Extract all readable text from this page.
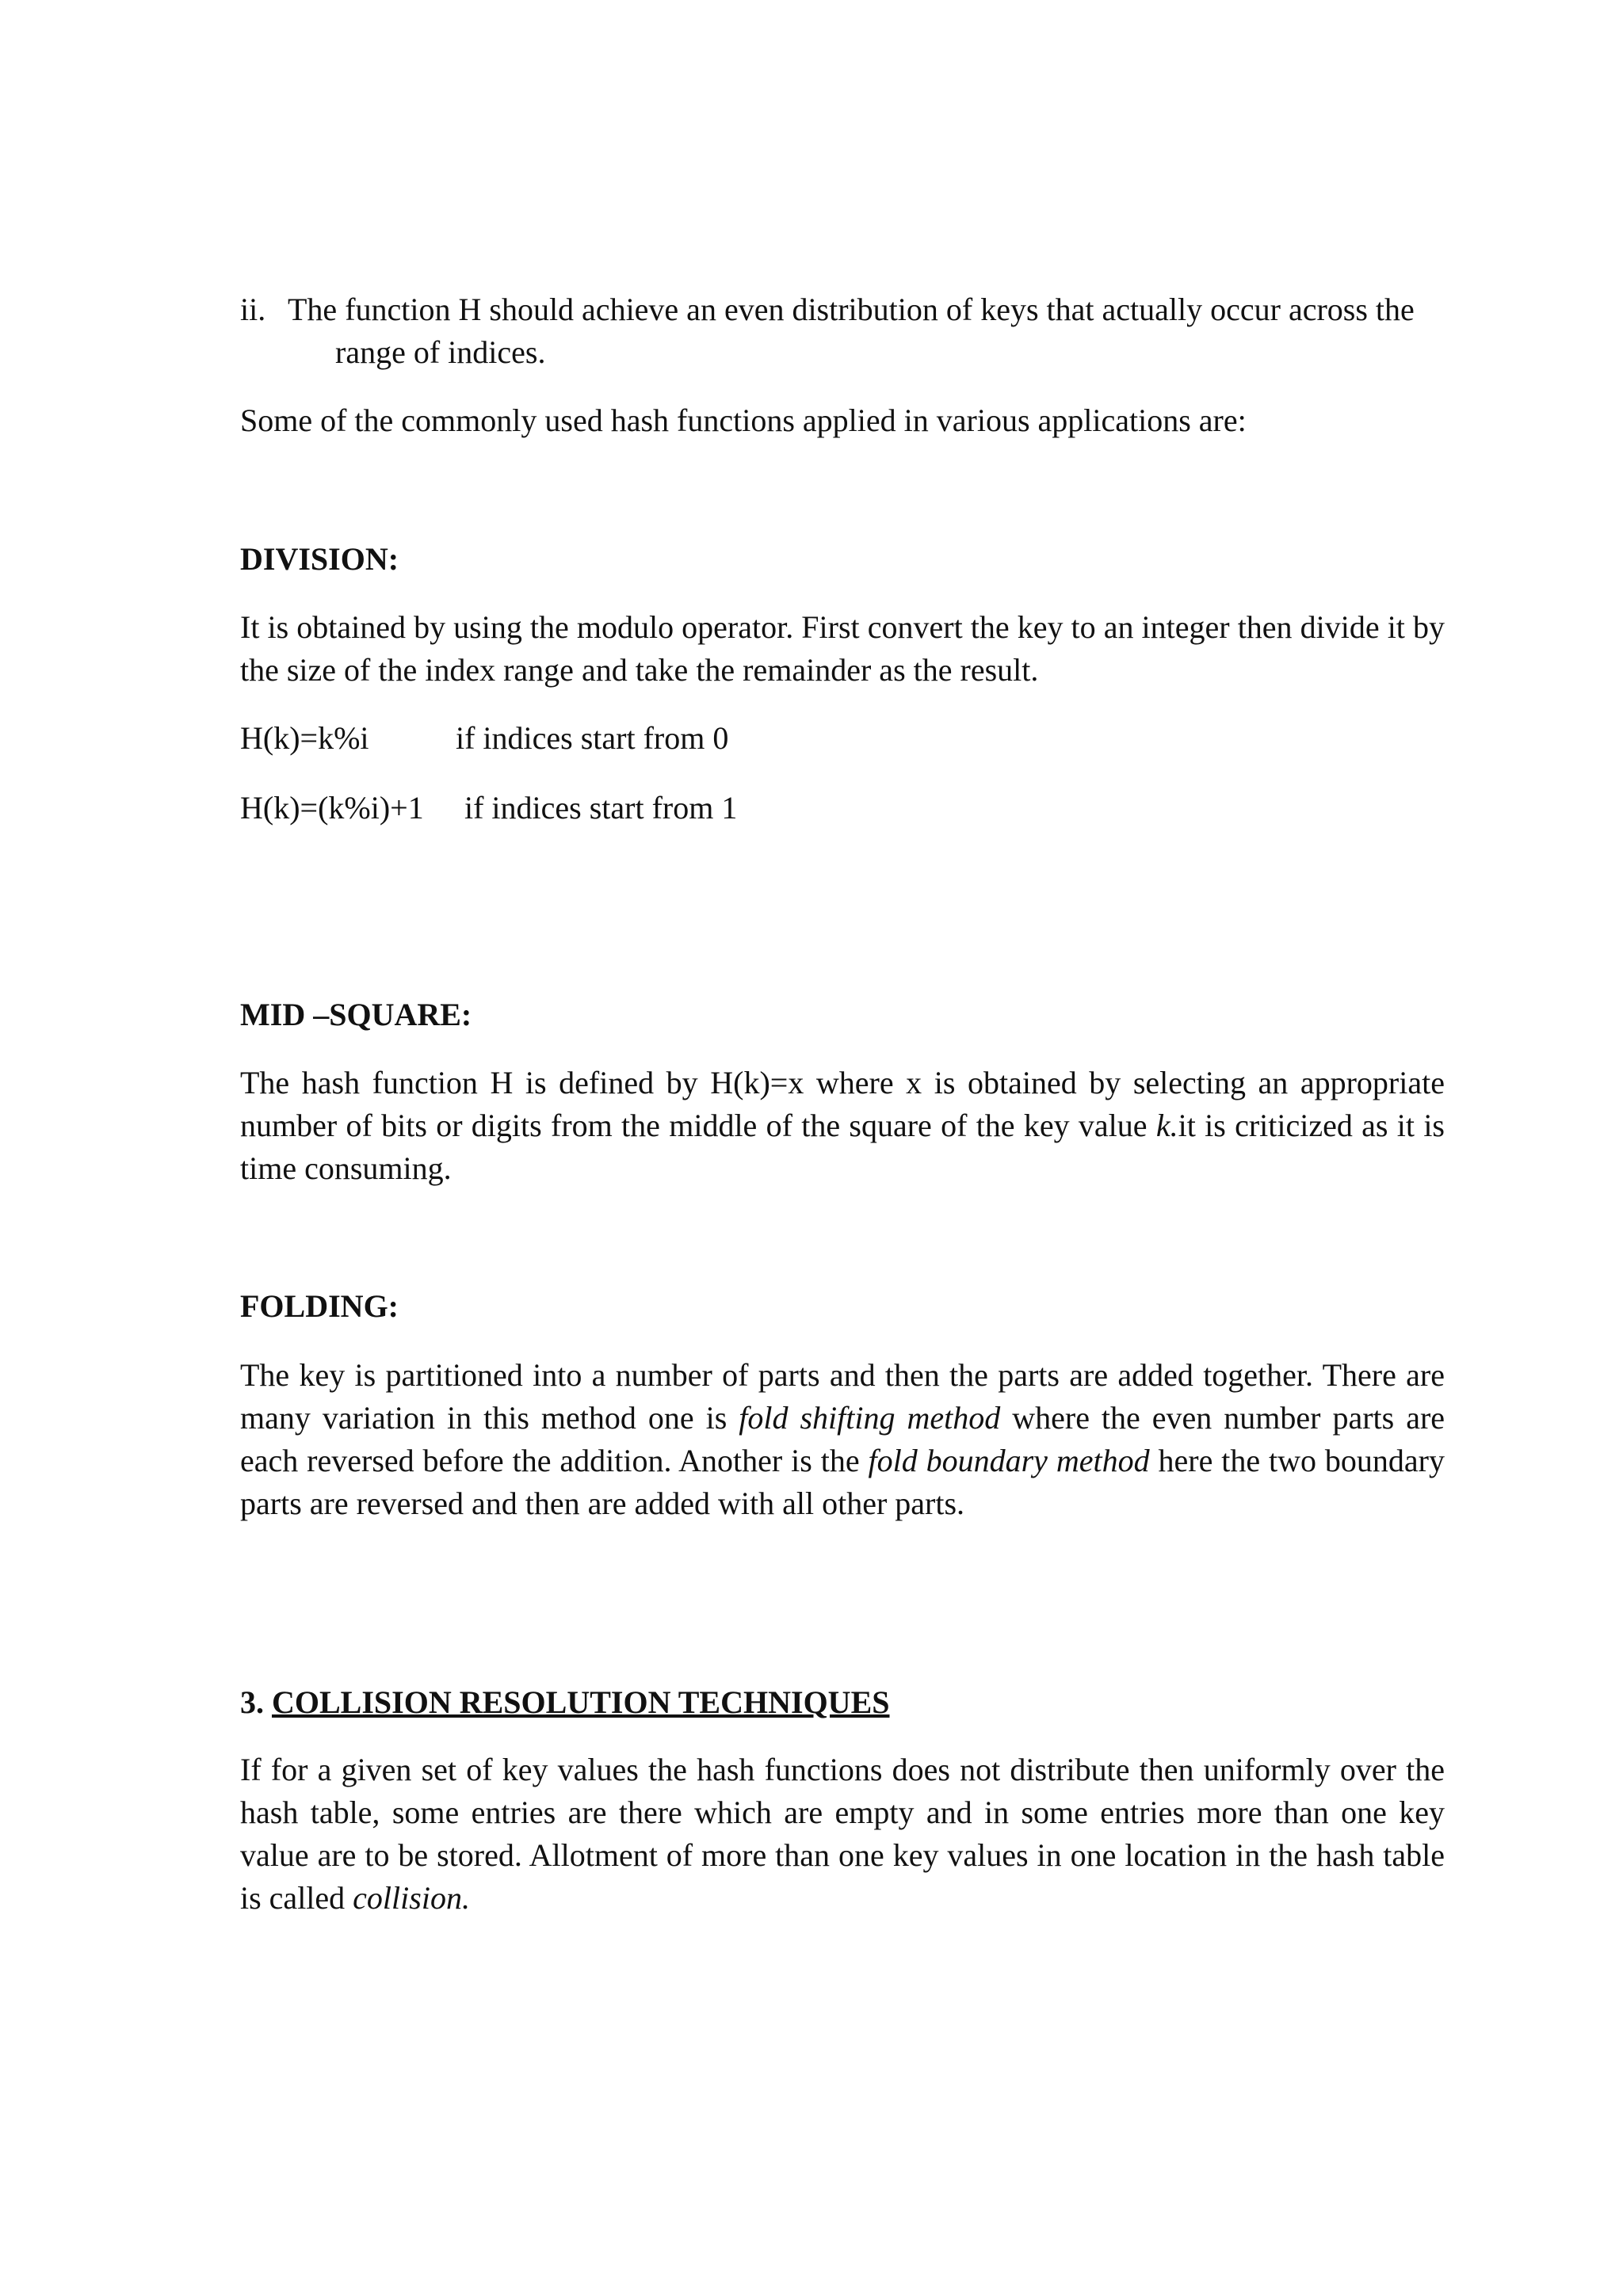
ii. The function H should achieve an even distribution of keys that actually occur across the
range of indices.

Some of the commonly used hash functions applied in various applications are:

DIVISION:

It is obtained by using the modulo operator. First convert the key to an integer then divide it by the size of the index range and take the remainder as the result.

H(k)=k%i	if indices start from 0
H(k)=(k%i)+1 if indices start from 1

MID –SQUARE:

The hash function H is defined by H(k)=x where x is obtained by selecting an appropriate number of bits or digits from the middle of the square of the key value k.it is criticized as it is time consuming.

FOLDING:

The key is partitioned into a number of parts and then the parts are added together. There are many variation in this method one is fold shifting method where the even number parts are each reversed before the addition. Another is the fold boundary method here the two boundary parts are reversed and then are added with all other parts.

3. COLLISION RESOLUTION TECHNIQUES

If for a given set of key values the hash functions does not distribute then uniformly over the hash table, some entries are there which are empty and in some entries more than one key value are to be stored. Allotment of more than one key values in one location in the hash table is called collision.
